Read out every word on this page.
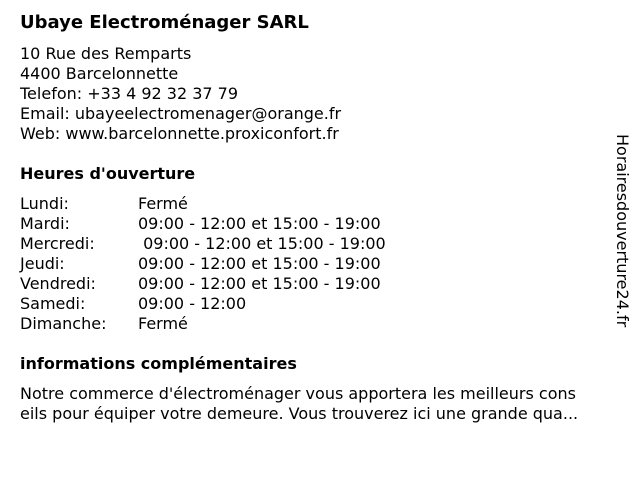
Ubaye Electroménager SARL
10 Rue des Remparts
4400 Barcelonnette
Telefon: +33 4 92 32 37 79
Email: ubayeelectromenager@orange.fr
Web: www.barcelonnette.proxiconfort.fr
Heures d'ouverture
Lundi:	Fermé
Mardi:	09:00 - 12:00 et 15:00 - 19:00
Mercredi:	09:00 - 12:00 et 15:00 - 19:00
Jeudi:	09:00 - 12:00 et 15:00 - 19:00
Vendredi:	09:00 - 12:00 et 15:00 - 19:00
Samedi:	09:00 - 12:00
Dimanche: Fermé
informations complémentaires
Notre commerce d'électroménager vous apportera les meilleurs cons
eils pour équiper votre demeure. Vous trouverez ici une grande qua...
Horairesdouverture24.fr
